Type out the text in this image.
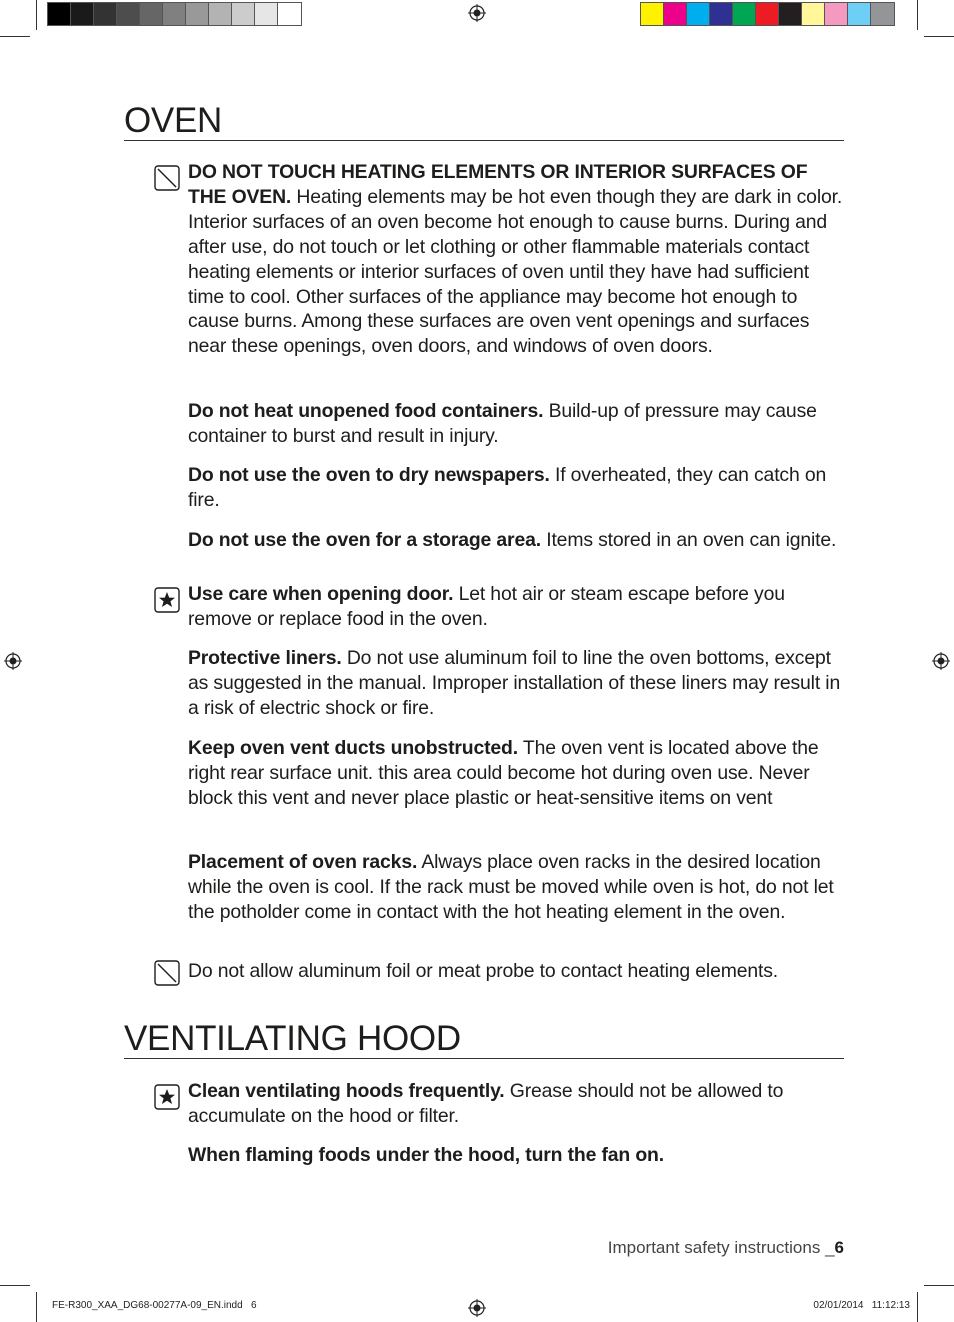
OVEN

DO NOT TOUCH HEATING ELEMENTS OR INTERIOR SURFACES OF THE OVEN. Heating elements may be hot even though they are dark in color. Interior surfaces of an oven become hot enough to cause burns. During and after use, do not touch or let clothing or other flammable materials contact heating elements or interior surfaces of oven until they have had sufficient time to cool. Other surfaces of the appliance may become hot enough to cause burns. Among these surfaces are oven vent openings and surfaces near these openings, oven doors, and windows of oven doors.

Do not heat unopened food containers. Build-up of pressure may cause container to burst and result in injury.

Do not use the oven to dry newspapers. If overheated, they can catch on fire.

Do not use the oven for a storage area. Items stored in an oven can ignite.

Use care when opening door. Let hot air or steam escape before you remove or replace food in the oven.

Protective liners. Do not use aluminum foil to line the oven bottoms, except as suggested in the manual. Improper installation of these liners may result in a risk of electric shock or fire.

Keep oven vent ducts unobstructed. The oven vent is located above the right rear surface unit. this area could become hot during oven use. Never block this vent and never place plastic or heat-sensitive items on vent

Placement of oven racks. Always place oven racks in the desired location while the oven is cool. If the rack must be moved while oven is hot, do not let the potholder come in contact with the hot heating element in the oven.

Do not allow aluminum foil or meat probe to contact heating elements.

VENTILATING HOOD

Clean ventilating hoods frequently. Grease should not be allowed to accumulate on the hood or filter.

When flaming foods under the hood, turn the fan on.

Important safety instructions _6
FE-R300_XAA_DG68-00277A-09_EN.indd   6	02/01/2014   11:12:13
